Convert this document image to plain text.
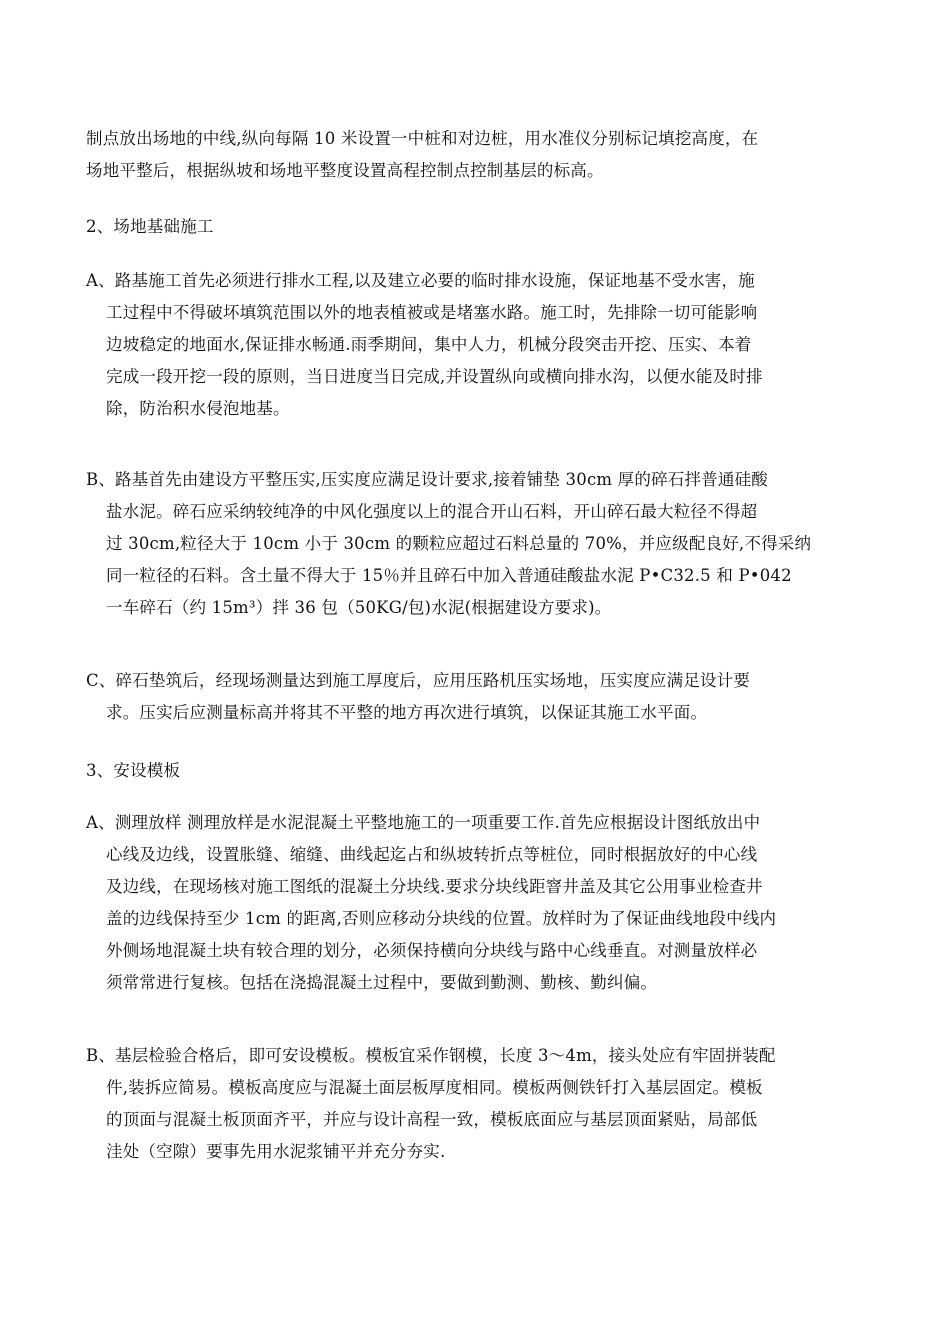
制点放出场地的中线,纵向每隔 10 米设置一中桩和对边桩，用水准仪分别标记填挖高度，在
场地平整后，根据纵坡和场地平整度设置高程控制点控制基层的标高。
2、场地基础施工
A、路基施工首先必须进行排水工程,以及建立必要的临时排水设施，保证地基不受水害，施
工过程中不得破坏填筑范围以外的地表植被或是堵塞水路。施工时，先排除一切可能影响
边坡稳定的地面水,保证排水畅通.雨季期间，集中人力，机械分段突击开挖、压实、本着
完成一段开挖一段的原则，当日进度当日完成,并设置纵向或横向排水沟，以便水能及时排
除，防治积水侵泡地基。
B、路基首先由建设方平整压实,压实度应满足设计要求,接着铺垫 30cm 厚的碎石拌普通硅酸
盐水泥。碎石应采纳较纯净的中风化强度以上的混合开山石料，开山碎石最大粒径不得超
过 30cm,粒径大于 10cm 小于 30cm 的颗粒应超过石料总量的 70%，并应级配良好,不得采纳
同一粒径的石料。含土量不得大于 15％并且碎石中加入普通硅酸盐水泥 P•C32.5 和 P•042
一车碎石（约 15m³）拌 36 包（50KG/包)水泥(根据建设方要求)。
C、碎石垫筑后，经现场测量达到施工厚度后，应用压路机压实场地，压实度应满足设计要
求。压实后应测量标高并将其不平整的地方再次进行填筑，以保证其施工水平面。
3、安设模板
A、测理放样 测理放样是水泥混凝土平整地施工的一项重要工作.首先应根据设计图纸放出中
心线及边线，设置胀缝、缩缝、曲线起迄占和纵坡转折点等桩位，同时根据放好的中心线
及边线，在现场核对施工图纸的混凝土分块线.要求分块线距窨井盖及其它公用事业检查井
盖的边线保持至少 1cm 的距离,否则应移动分块线的位置。放样时为了保证曲线地段中线内
外侧场地混凝土块有较合理的划分，必须保持横向分块线与路中心线垂直。对测量放样必
须常常进行复核。包括在浇捣混凝土过程中，要做到勤测、勤核、勤纠偏。
B、基层检验合格后，即可安设模板。模板宜采作钢模，长度 3～4m，接头处应有牢固拼装配
件,装拆应简易。模板高度应与混凝土面层板厚度相同。模板两侧铁钎打入基层固定。模板
的顶面与混凝土板顶面齐平，并应与设计高程一致，模板底面应与基层顶面紧贴，局部低
洼处（空隙）要事先用水泥浆铺平并充分夯实.
